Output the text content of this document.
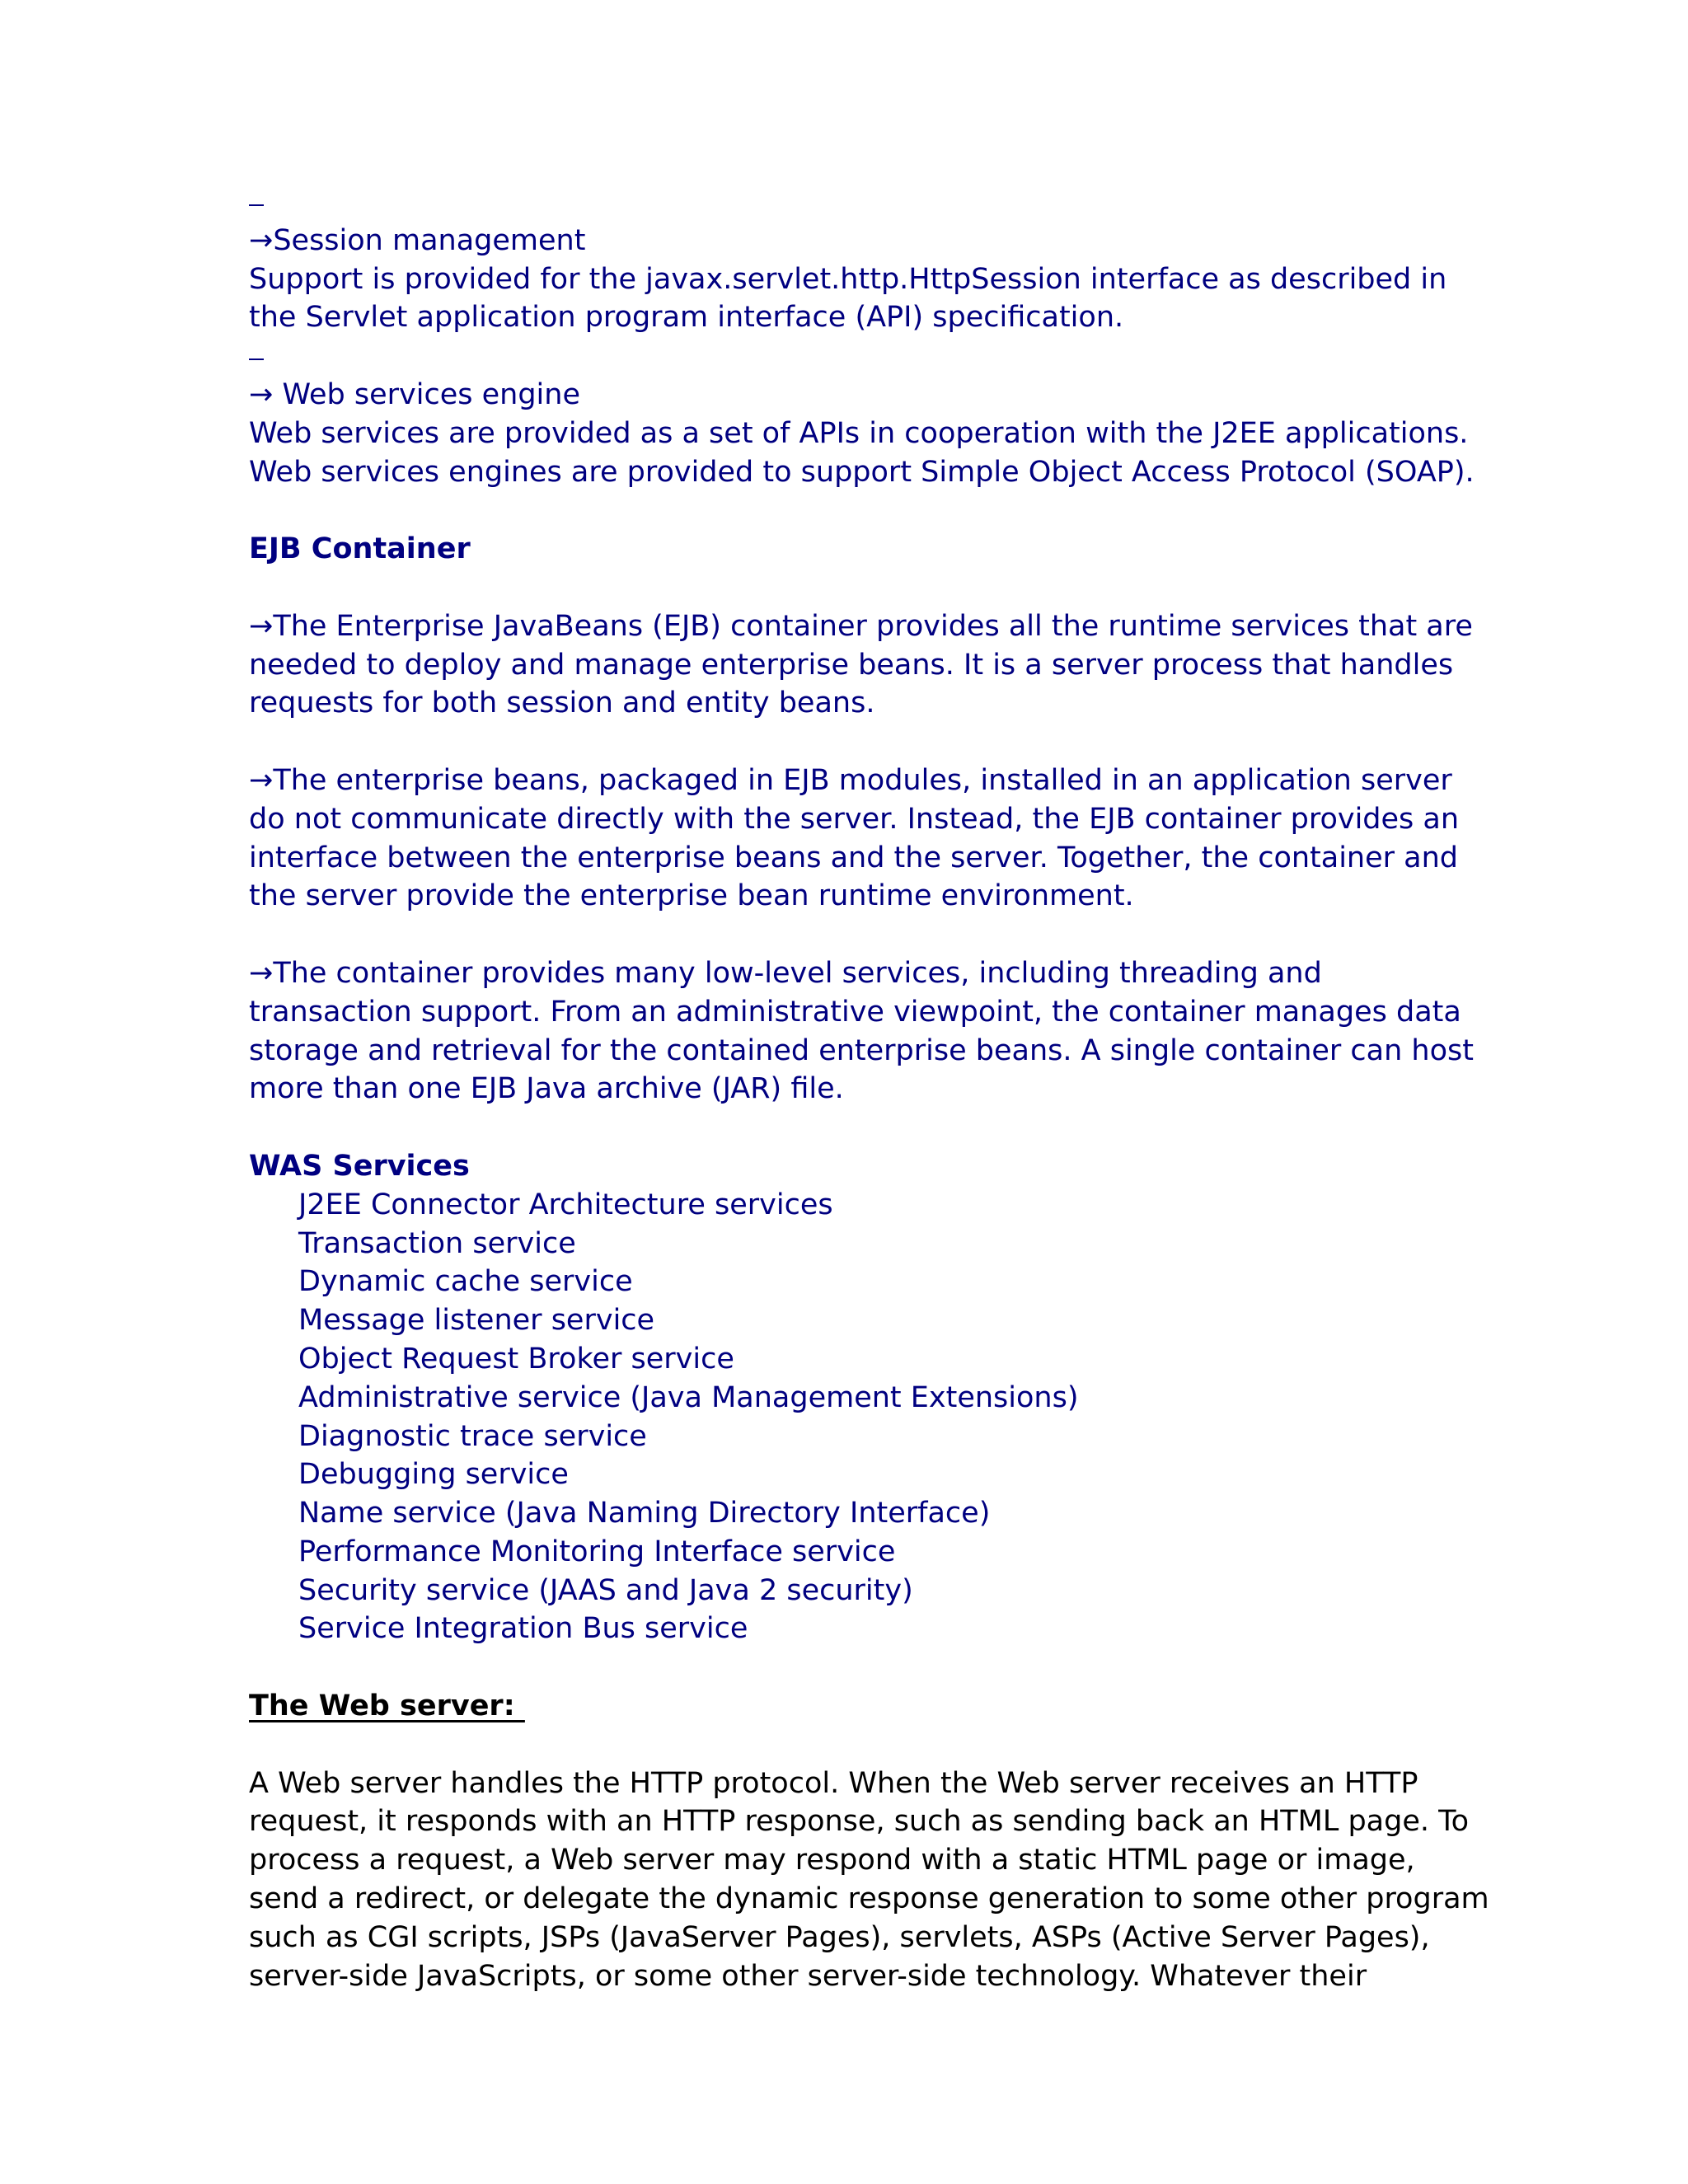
→Session management
Support is provided for the javax.servlet.http.HttpSession interface as described in
the Servlet application program interface (API) specification.
→ Web services engine
Web services are provided as a set of APIs in cooperation with the J2EE applications.
Web services engines are provided to support Simple Object Access Protocol (SOAP).
EJB Container
→The Enterprise JavaBeans (EJB) container provides all the runtime services that are
needed to deploy and manage enterprise beans. It is a server process that handles
requests for both session and entity beans.
→The enterprise beans, packaged in EJB modules, installed in an application server
do not communicate directly with the server. Instead, the EJB container provides an
interface between the enterprise beans and the server. Together, the container and
the server provide the enterprise bean runtime environment.
→The container provides many low-level services, including threading and
transaction support. From an administrative viewpoint, the container manages data
storage and retrieval for the contained enterprise beans. A single container can host
more than one EJB Java archive (JAR) file.
WAS Services
J2EE Connector Architecture services
Transaction service
Dynamic cache service
Message listener service
Object Request Broker service
Administrative service (Java Management Extensions)
Diagnostic trace service
Debugging service
Name service (Java Naming Directory Interface)
Performance Monitoring Interface service
Security service (JAAS and Java 2 security)
Service Integration Bus service
The Web server:
A Web server handles the HTTP protocol. When the Web server receives an HTTP
request, it responds with an HTTP response, such as sending back an HTML page. To
process a request, a Web server may respond with a static HTML page or image,
send a redirect, or delegate the dynamic response generation to some other program
such as CGI scripts, JSPs (JavaServer Pages), servlets, ASPs (Active Server Pages),
server-side JavaScripts, or some other server-side technology. Whatever their
